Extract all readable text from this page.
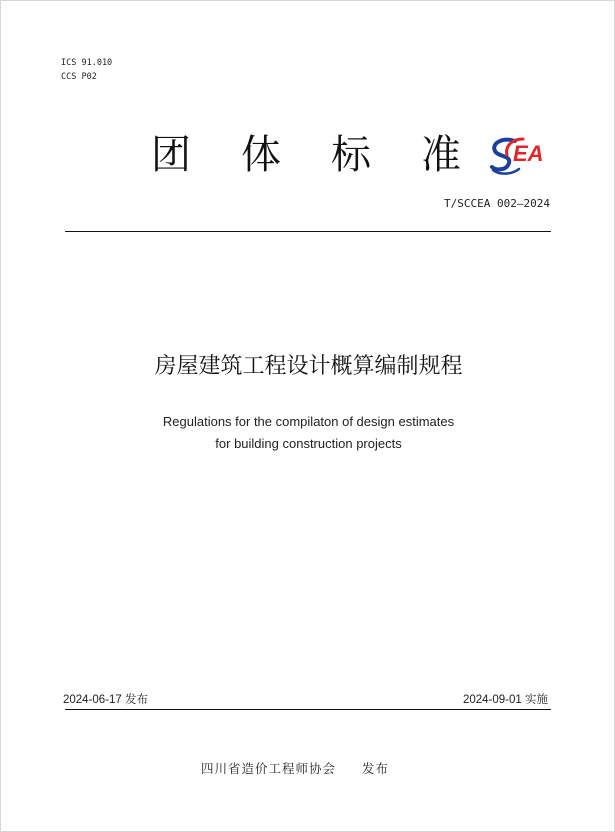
ICS 91.010
CCS P02
团体标准 EA
T/SCCEA 002—2024
房屋建筑工程设计概算编制规程
Regulations for the compilaton of design estimates
for building construction projects
2024-06-17 发布	2024-09-01 实施
四川省造价工程师协会 发布
